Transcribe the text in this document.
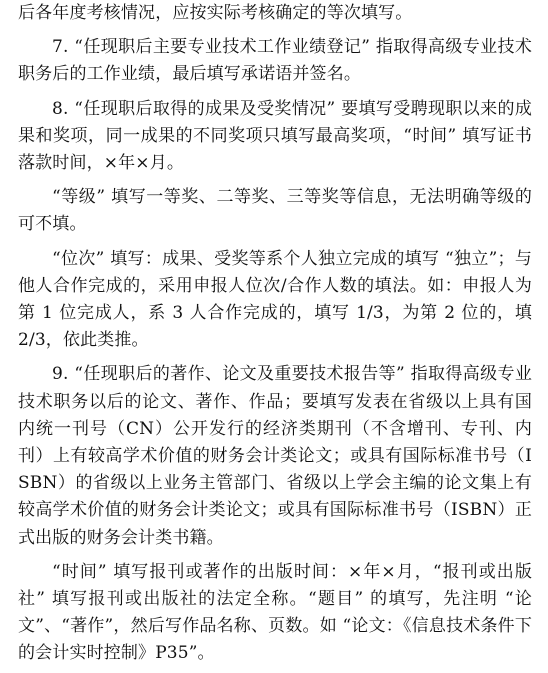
后各年度考核情况，应按实际考核确定的等次填写。

7. “任现职后主要专业技术工作业绩登记” 指取得高级专业技术职务后的工作业绩，最后填写承诺语并签名。

8. “任现职后取得的成果及受奖情况” 要填写受聘现职以来的成果和奖项，同一成果的不同奖项只填写最高奖项，“时间” 填写证书落款时间，×年×月。

“等级” 填写一等奖、二等奖、三等奖等信息，无法明确等级的可不填。

“位次” 填写：成果、受奖等系个人独立完成的填写 “独立”；与他人合作完成的，采用申报人位次/合作人数的填法。如：申报人为第 1 位完成人，系 3 人合作完成的，填写 1/3，为第 2 位的，填 2/3，依此类推。

9. “任现职后的著作、论文及重要技术报告等” 指取得高级专业技术职务以后的论文、著作、作品；要填写发表在省级以上具有国内统一刊号（CN）公开发行的经济类期刊（不含增刊、专刊、内刊）上有较高学术价值的财务会计类论文；或具有国际标准书号（ISBN）的省级以上业务主管部门、省级以上学会主编的论文集上有较高学术价值的财务会计类论文；或具有国际标准书号（ISBN）正式出版的财务会计类书籍。

“时间” 填写报刊或著作的出版时间：×年×月，“报刊或出版社” 填写报刊或出版社的法定全称。“题目” 的填写，先注明 “论文”、“著作”，然后写作品名称、页数。如 “论文：《信息技术条件下的会计实时控制》P35”。
